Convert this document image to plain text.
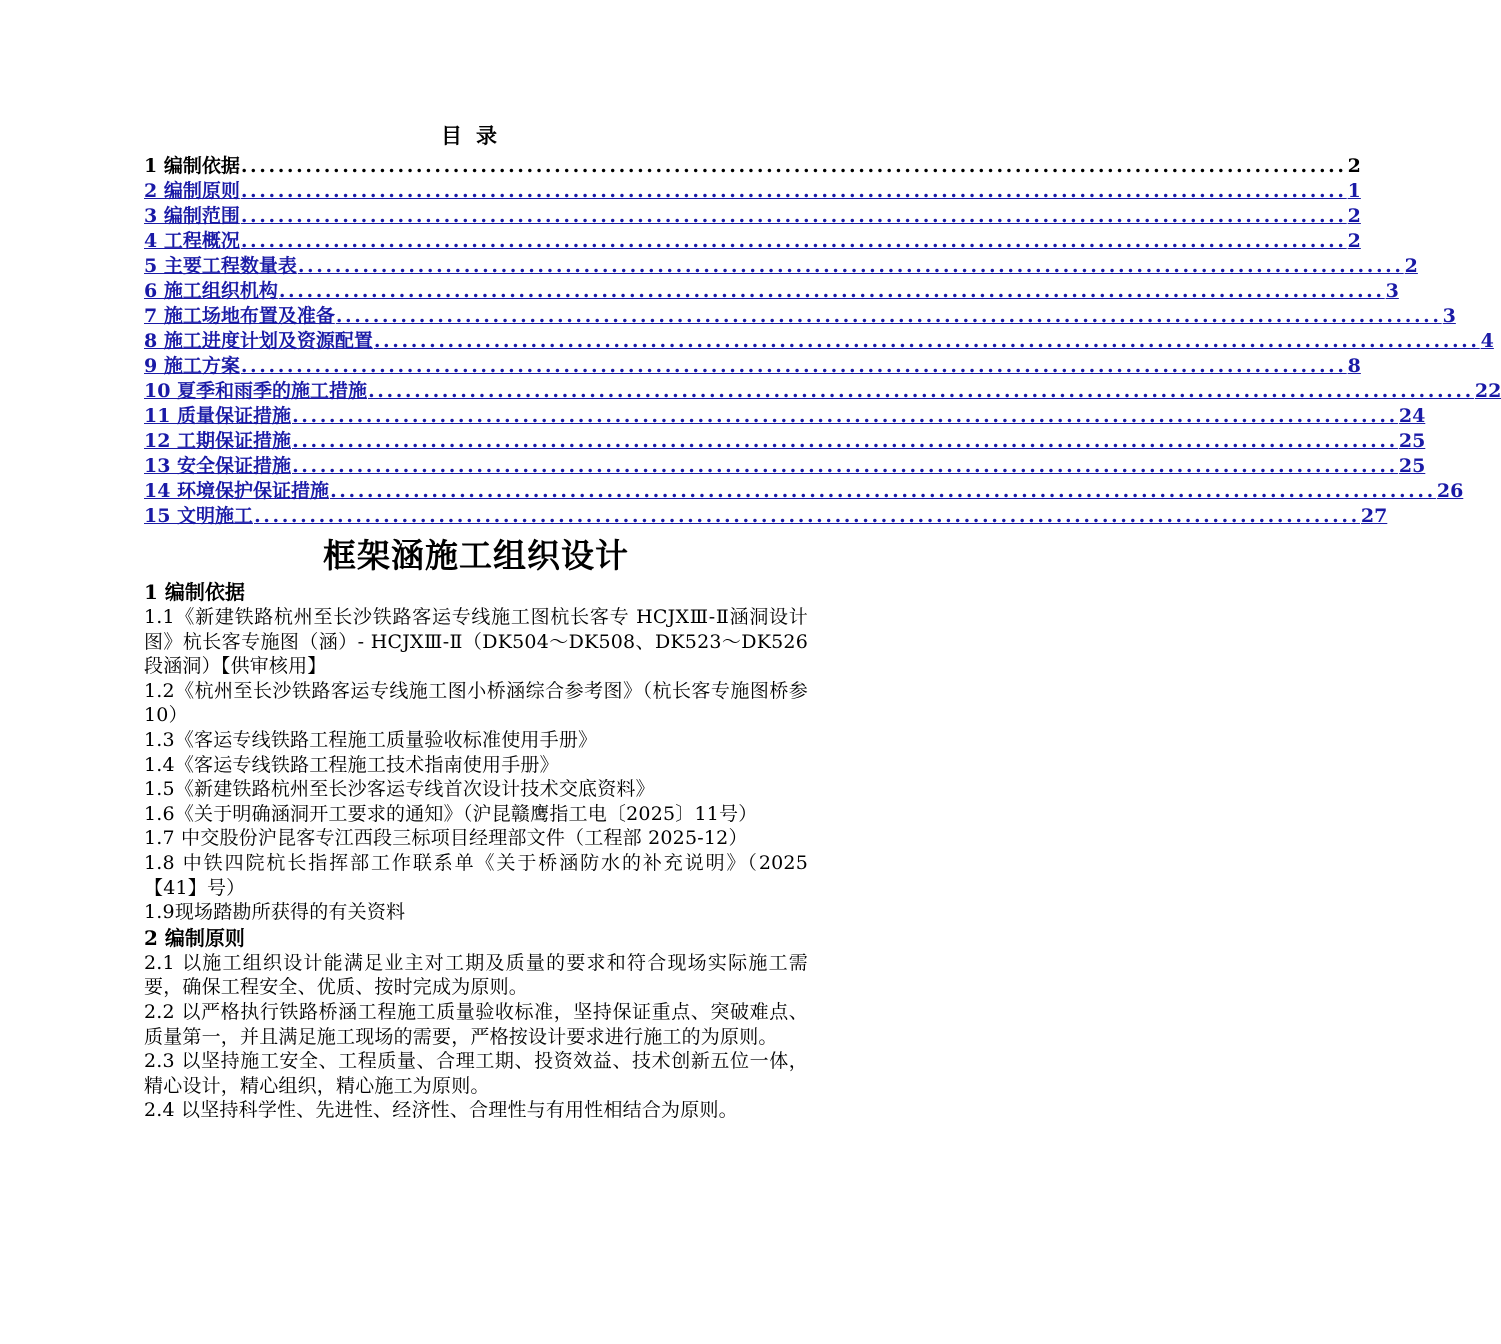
目录
1 编制依据 ........................................................................................................................ 2
2 编制原则 ........................................................................................................................ 1
3 编制范围 ........................................................................................................................ 2
4 工程概况 ........................................................................................................................ 2
5 主要工程数量表 ........................................................................................................................ 2
6 施工组织机构 ........................................................................................................................ 3
7 施工场地布置及准备 ........................................................................................................................ 3
8 施工进度计划及资源配置 ........................................................................................................................ 4
9 施工方案 ........................................................................................................................ 8
10 夏季和雨季的施工措施 ........................................................................................................................ 22
11 质量保证措施 ........................................................................................................................ 24
12 工期保证措施 ........................................................................................................................ 25
13 安全保证措施 ........................................................................................................................ 25
14 环境保护保证措施 ........................................................................................................................ 26
15 文明施工 ........................................................................................................................ 27
框架涵施工组织设计
1 编制依据
1.1《新建铁路杭州至长沙铁路客运专线施工图杭长客专 HCJXⅢ-Ⅱ涵洞设计图》杭长客专施图（涵）- HCJXⅢ-Ⅱ（DK504～DK508、DK523～DK526段涵洞）【供审核用】
1.2《杭州至长沙铁路客运专线施工图小桥涵综合参考图》（杭长客专施图桥参10）
1.3《客运专线铁路工程施工质量验收标准使用手册》
1.4《客运专线铁路工程施工技术指南使用手册》
1.5《新建铁路杭州至长沙客运专线首次设计技术交底资料》
1.6《关于明确涵洞开工要求的通知》（沪昆赣鹰指工电〔2025〕11号）
1.7 中交股份沪昆客专江西段三标项目经理部文件（工程部 2025-12）
1.8 中铁四院杭长指挥部工作联系单《关于桥涵防水的补充说明》（2025【41】号）
1.9现场踏勘所获得的有关资料
2 编制原则
2.1 以施工组织设计能满足业主对工期及质量的要求和符合现场实际施工需要，确保工程安全、优质、按时完成为原则。
2.2 以严格执行铁路桥涵工程施工质量验收标准，坚持保证重点、突破难点、质量第一，并且满足施工现场的需要，严格按设计要求进行施工的为原则。
2.3 以坚持施工安全、工程质量、合理工期、投资效益、技术创新五位一体，精心设计，精心组织，精心施工为原则。
2.4 以坚持科学性、先进性、经济性、合理性与有用性相结合为原则。
